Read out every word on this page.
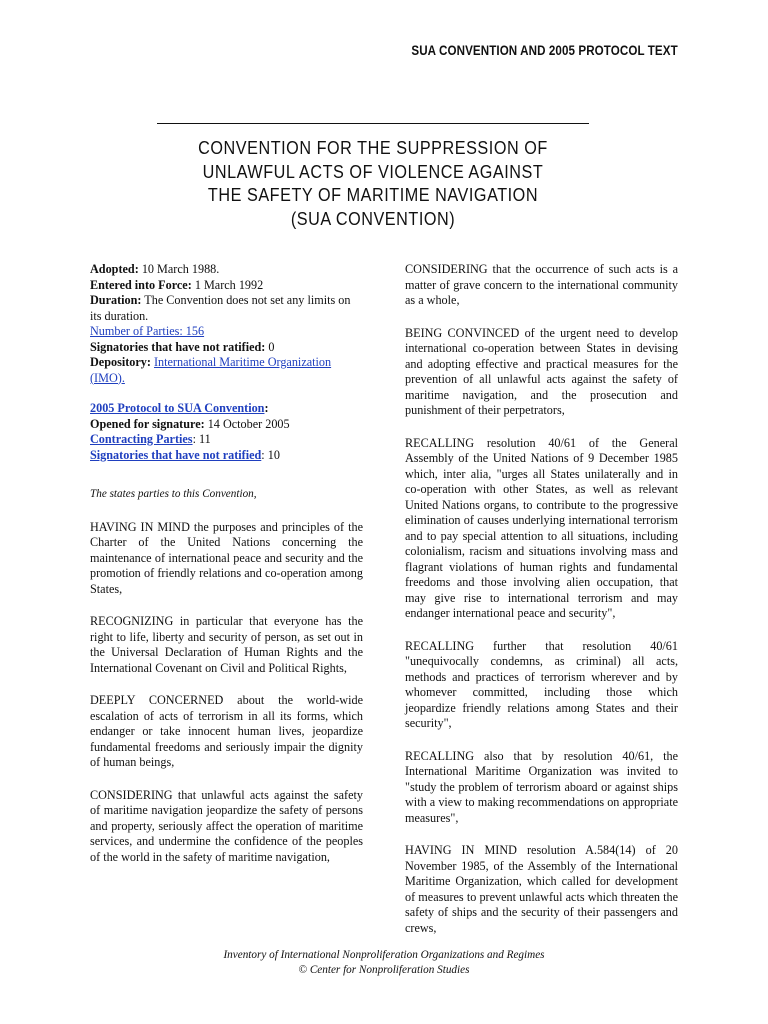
SUA CONVENTION AND 2005 PROTOCOL TEXT
CONVENTION FOR THE SUPPRESSION OF
UNLAWFUL ACTS OF VIOLENCE AGAINST
THE SAFETY OF MARITIME NAVIGATION
(SUA CONVENTION)

Adopted: 10 March 1988.

Entered into Force: 1 March 1992

Duration: The Convention does not set any limits on its duration.

Number of Parties: 156

Signatories that have not ratified: 0

Depository: International Maritime Organization (IMO).

2005 Protocol to SUA Convention:

Opened for signature: 14 October 2005

Contracting Parties: 11

Signatories that have not ratified: 10

The states parties to this Convention,

HAVING IN MIND the purposes and principles of the Charter of the United Nations concerning the maintenance of international peace and security and the promotion of friendly relations and co-operation among States,

RECOGNIZING in particular that everyone has the right to life, liberty and security of person, as set out in the Universal Declaration of Human Rights and the International Covenant on Civil and Political Rights,

DEEPLY CONCERNED about the world-wide escalation of acts of terrorism in all its forms, which endanger or take innocent human lives, jeopardize fundamental freedoms and seriously impair the dignity of human beings,

CONSIDERING that unlawful acts against the safety of maritime navigation jeopardize the safety of persons and property, seriously affect the operation of maritime services, and undermine the confidence of the peoples of the world in the safety of maritime navigation,

CONSIDERING that the occurrence of such acts is a matter of grave concern to the international community as a whole,

BEING CONVINCED of the urgent need to develop international co-operation between States in devising and adopting effective and practical measures for the prevention of all unlawful acts against the safety of maritime navigation, and the prosecution and punishment of their perpetrators,

RECALLING resolution 40/61 of the General Assembly of the United Nations of 9 December 1985 which, inter alia, "urges all States unilaterally and in co-operation with other States, as well as relevant United Nations organs, to contribute to the progressive elimination of causes underlying international terrorism and to pay special attention to all situations, including colonialism, racism and situations involving mass and flagrant violations of human rights and fundamental freedoms and those involving alien occupation, that may give rise to international terrorism and may endanger international peace and security",

RECALLING further that resolution 40/61 "unequivocally condemns, as criminal) all acts, methods and practices of terrorism wherever and by whomever committed, including those which jeopardize friendly relations among States and their security",

RECALLING also that by resolution 40/61, the International Maritime Organization was invited to "study the problem of terrorism aboard or against ships with a view to making recommendations on appropriate measures",

HAVING IN MIND resolution A.584(14) of 20 November 1985, of the Assembly of the International Maritime Organization, which called for development of measures to prevent unlawful acts which threaten the safety of ships and the security of their passengers and crews,

Inventory of International Nonproliferation Organizations and Regimes
© Center for Nonproliferation Studies
